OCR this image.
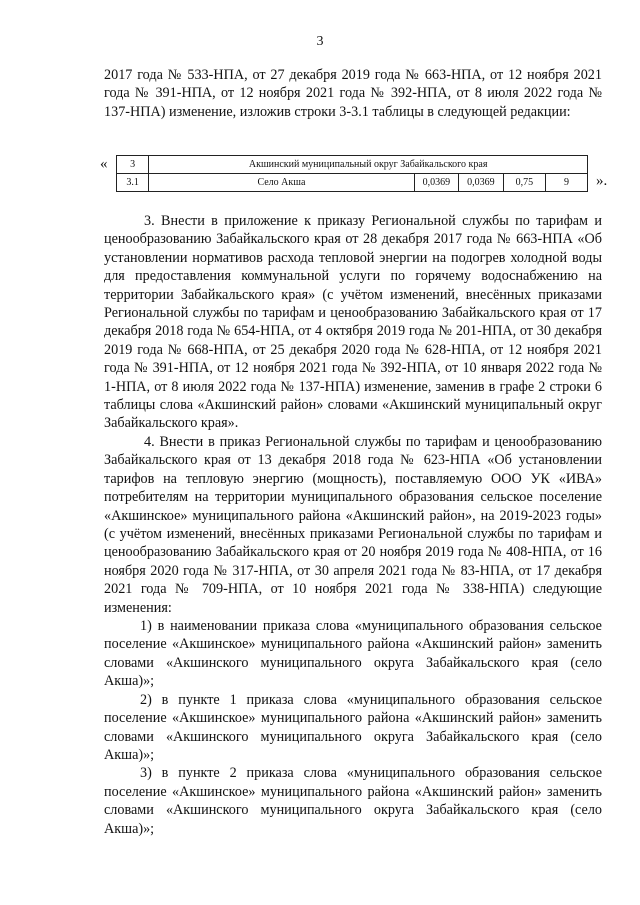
3

2017 года № 533-НПА, от 27 декабря 2019 года № 663-НПА, от 12 ноября 2021 года № 391-НПА, от 12 ноября 2021 года № 392-НПА, от 8 июля 2022 года № 137-НПА) изменение, изложив строки 3-3.1 таблицы в следующей редакции:

« 3	Акшинский муниципальный округ Забайкальского края				
3.1	Село Акша	0,0369	0,0369	0,75	9 ».

3. Внести в приложение к приказу Региональной службы по тарифам и ценообразованию Забайкальского края от 28 декабря 2017 года № 663-НПА «Об установлении нормативов расхода тепловой энергии на подогрев холодной воды для предоставления коммунальной услуги по горячему водоснабжению на территории Забайкальского края» (с учётом изменений, внесённых приказами Региональной службы по тарифам и ценообразованию Забайкальского края от 17 декабря 2018 года № 654-НПА, от 4 октября 2019 года № 201-НПА, от 30 декабря 2019 года № 668-НПА, от 25 декабря 2020 года № 628-НПА, от 12 ноября 2021 года № 391-НПА, от 12 ноября 2021 года № 392-НПА, от 10 января 2022 года № 1-НПА, от 8 июля 2022 года № 137-НПА) изменение, заменив в графе 2 строки 6 таблицы слова «Акшинский район» словами «Акшинский муниципальный округ Забайкальского края».

4. Внести в приказ Региональной службы по тарифам и ценообразованию Забайкальского края от 13 декабря 2018 года № 623-НПА «Об установлении тарифов на тепловую энергию (мощность), поставляемую ООО УК «ИВА» потребителям на территории муниципального образования сельское поселение «Акшинское» муниципального района «Акшинский район», на 2019-2023 годы» (с учётом изменений, внесённых приказами Региональной службы по тарифам и ценообразованию Забайкальского края от 20 ноября 2019 года № 408-НПА, от 16 ноября 2020 года № 317-НПА, от 30 апреля 2021 года № 83-НПА, от 17 декабря 2021 года № 709-НПА, от 10 ноября 2021 года № 338-НПА) следующие изменения:

1) в наименовании приказа слова «муниципального образования сельское поселение «Акшинское» муниципального района «Акшинский район» заменить словами «Акшинского муниципального округа Забайкальского края (село Акша)»;

2) в пункте 1 приказа слова «муниципального образования сельское поселение «Акшинское» муниципального района «Акшинский район» заменить словами «Акшинского муниципального округа Забайкальского края (село Акша)»;

3) в пункте 2 приказа слова «муниципального образования сельское поселение «Акшинское» муниципального района «Акшинский район» заменить словами «Акшинского муниципального округа Забайкальского края (село Акша)»;
